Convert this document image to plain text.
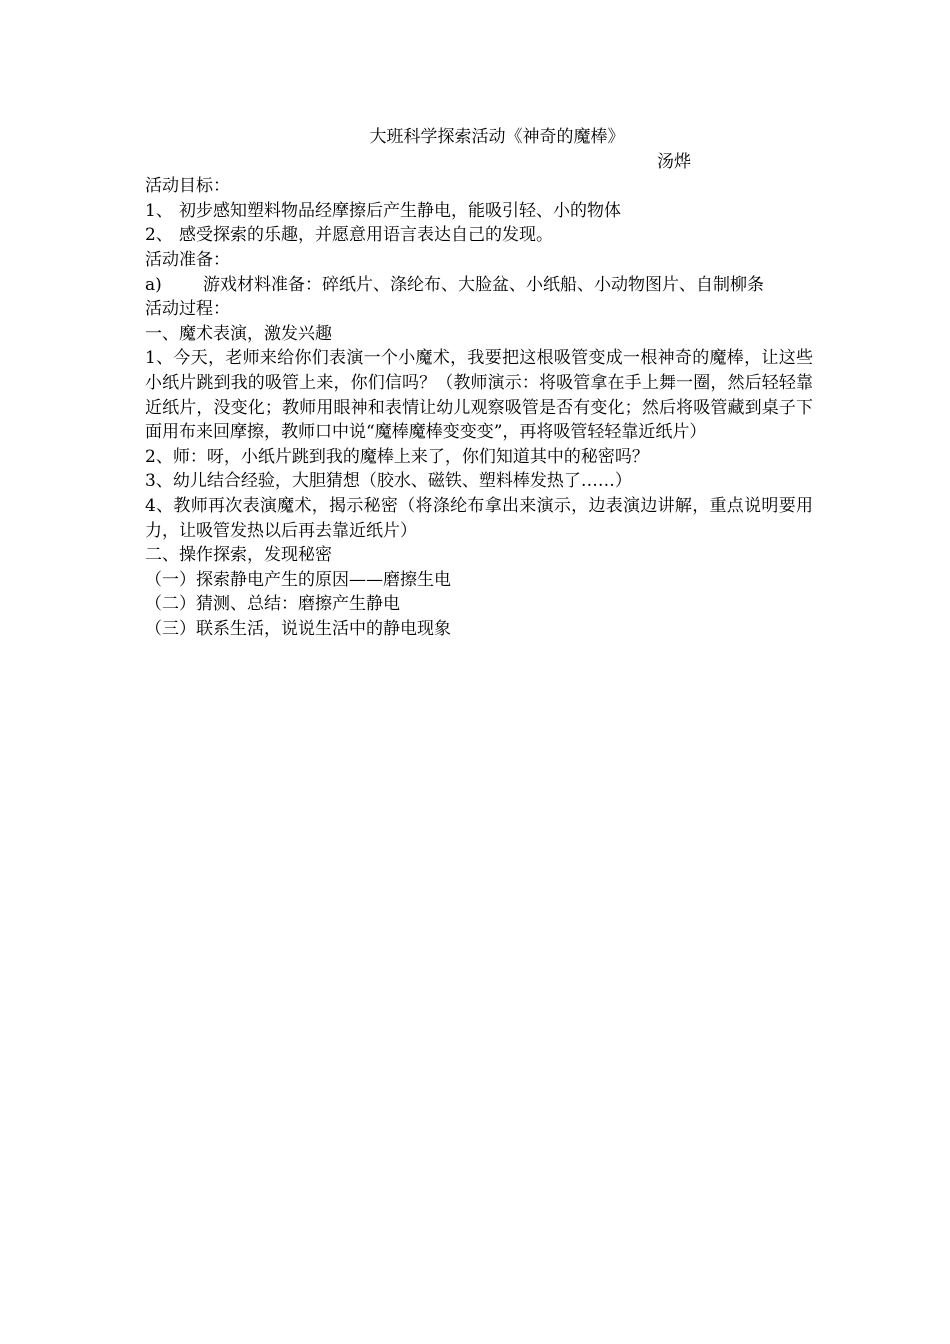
大班科学探索活动《神奇的魔棒》
汤烨
活动目标：
1、 初步感知塑料物品经摩擦后产生静电，能吸引轻、小的物体
2、 感受探索的乐趣，并愿意用语言表达自己的发现。
活动准备：
a) 游戏材料准备：碎纸片、涤纶布、大脸盆、小纸船、小动物图片、自制柳条
活动过程：
一、魔术表演，激发兴趣
1、今天，老师来给你们表演一个小魔术，我要把这根吸管变成一根神奇的魔棒，让这些小纸片跳到我的吸管上来，你们信吗？（教师演示：将吸管拿在手上舞一圈，然后轻轻靠近纸片，没变化；教师用眼神和表情让幼儿观察吸管是否有变化；然后将吸管藏到桌子下面用布来回摩擦，教师口中说“魔棒魔棒变变变”，再将吸管轻轻靠近纸片）
2、师：呀，小纸片跳到我的魔棒上来了，你们知道其中的秘密吗？
3、幼儿结合经验，大胆猜想（胶水、磁铁、塑料棒发热了……）
4、教师再次表演魔术，揭示秘密（将涤纶布拿出来演示，边表演边讲解，重点说明要用力，让吸管发热以后再去靠近纸片）
二、操作探索，发现秘密
（一）探索静电产生的原因——磨擦生电
（二）猜测、总结：磨擦产生静电
（三）联系生活，说说生活中的静电现象
